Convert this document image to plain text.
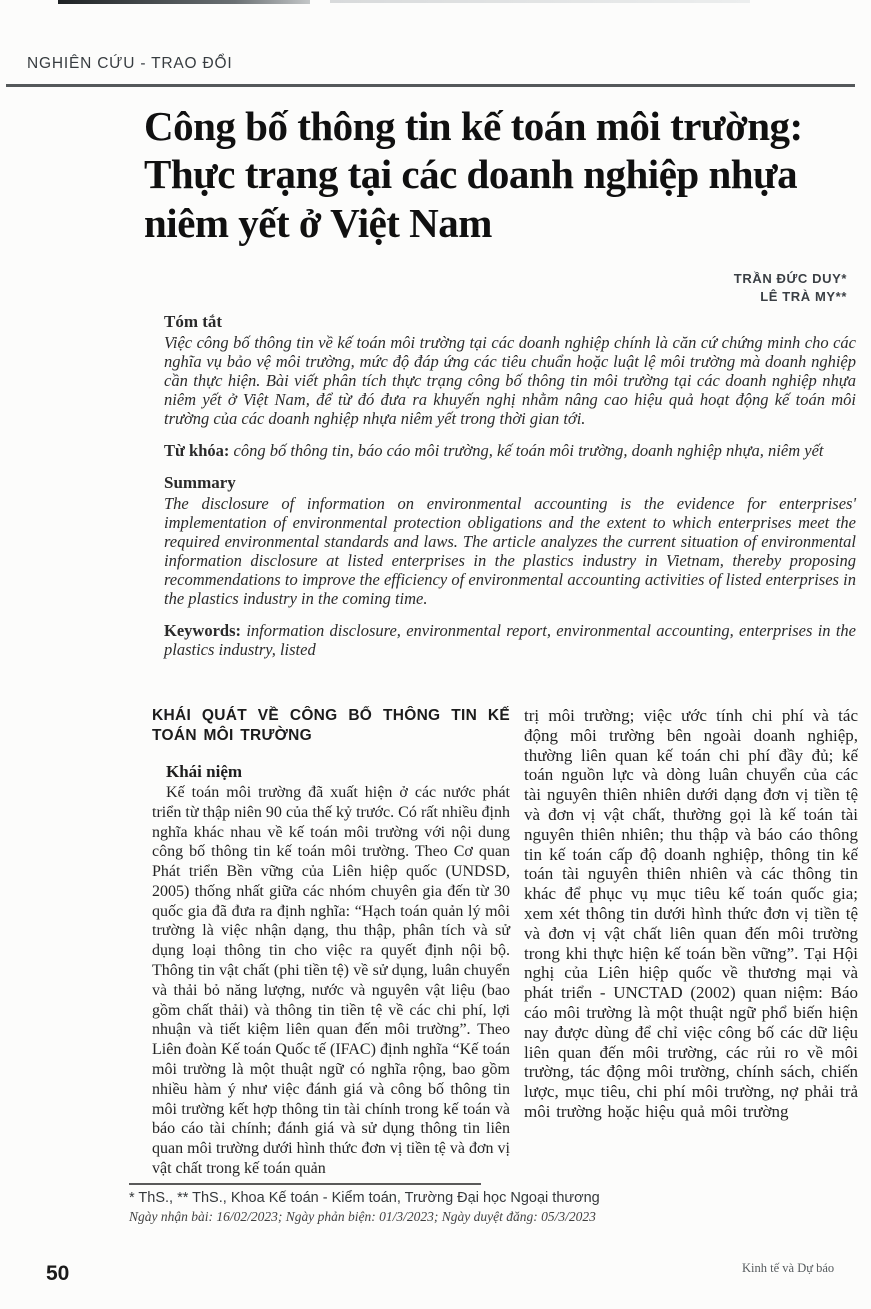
NGHIÊN CỨU - TRAO ĐỔI
Công bố thông tin kế toán môi trường: Thực trạng tại các doanh nghiệp nhựa niêm yết ở Việt Nam
TRẦN ĐỨC DUY*
LÊ TRÀ MY**
Tóm tắt

Việc công bố thông tin về kế toán môi trường tại các doanh nghiệp chính là căn cứ chứng minh cho các nghĩa vụ bảo vệ môi trường, mức độ đáp ứng các tiêu chuẩn hoặc luật lệ môi trường mà doanh nghiệp cần thực hiện. Bài viết phân tích thực trạng công bố thông tin môi trường tại các doanh nghiệp nhựa niêm yết ở Việt Nam, để từ đó đưa ra khuyến nghị nhằm nâng cao hiệu quả hoạt động kế toán môi trường của các doanh nghiệp nhựa niêm yết trong thời gian tới.

Từ khóa: công bố thông tin, báo cáo môi trường, kế toán môi trường, doanh nghiệp nhựa, niêm yết

Summary

The disclosure of information on environmental accounting is the evidence for enterprises' implementation of environmental protection obligations and the extent to which enterprises meet the required environmental standards and laws. The article analyzes the current situation of environmental information disclosure at listed enterprises in the plastics industry in Vietnam, thereby proposing recommendations to improve the efficiency of environmental accounting activities of listed enterprises in the plastics industry in the coming time.

Keywords: information disclosure, environmental report, environmental accounting, enterprises in the plastics industry, listed

KHÁI QUÁT VỀ CÔNG BỐ THÔNG TIN KẾ TOÁN MÔI TRƯỜNG
Khái niệm

Kế toán môi trường đã xuất hiện ở các nước phát triển từ thập niên 90 của thế kỷ trước. Có rất nhiều định nghĩa khác nhau về kế toán môi trường với nội dung công bố thông tin kế toán môi trường. Theo Cơ quan Phát triển Bền vững của Liên hiệp quốc (UNDSD, 2005) thống nhất giữa các nhóm chuyên gia đến từ 30 quốc gia đã đưa ra định nghĩa: “Hạch toán quản lý môi trường là việc nhận dạng, thu thập, phân tích và sử dụng loại thông tin cho việc ra quyết định nội bộ. Thông tin vật chất (phi tiền tệ) về sử dụng, luân chuyển và thải bỏ năng lượng, nước và nguyên vật liệu (bao gồm chất thải) và thông tin tiền tệ về các chi phí, lợi nhuận và tiết kiệm liên quan đến môi trường”. Theo Liên đoàn Kế toán Quốc tế (IFAC) định nghĩa “Kế toán môi trường là một thuật ngữ có nghĩa rộng, bao gồm nhiều hàm ý như việc đánh giá và công bố thông tin môi trường kết hợp thông tin tài chính trong kế toán và báo cáo tài chính; đánh giá và sử dụng thông tin liên quan môi trường dưới hình thức đơn vị tiền tệ và đơn vị vật chất trong kế toán quản

trị môi trường; việc ước tính chi phí và tác động môi trường bên ngoài doanh nghiệp, thường liên quan kế toán chi phí đầy đủ; kế toán nguồn lực và dòng luân chuyển của các tài nguyên thiên nhiên dưới dạng đơn vị tiền tệ và đơn vị vật chất, thường gọi là kế toán tài nguyên thiên nhiên; thu thập và báo cáo thông tin kế toán cấp độ doanh nghiệp, thông tin kế toán tài nguyên thiên nhiên và các thông tin khác để phục vụ mục tiêu kế toán quốc gia; xem xét thông tin dưới hình thức đơn vị tiền tệ và đơn vị vật chất liên quan đến môi trường trong khi thực hiện kế toán bền vững”. Tại Hội nghị của Liên hiệp quốc về thương mại và phát triển - UNCTAD (2002) quan niệm: Báo cáo môi trường là một thuật ngữ phổ biến hiện nay được dùng để chỉ việc công bố các dữ liệu liên quan đến môi trường, các rủi ro về môi trường, tác động môi trường, chính sách, chiến lược, mục tiêu, chi phí môi trường, nợ phải trả môi trường hoặc hiệu quả môi trường

* ThS., ** ThS., Khoa Kế toán - Kiểm toán, Trường Đại học Ngoại thương
Ngày nhận bài: 16/02/2023; Ngày phản biện: 01/3/2023; Ngày duyệt đăng: 05/3/2023
50	Kinh tế và Dự báo
